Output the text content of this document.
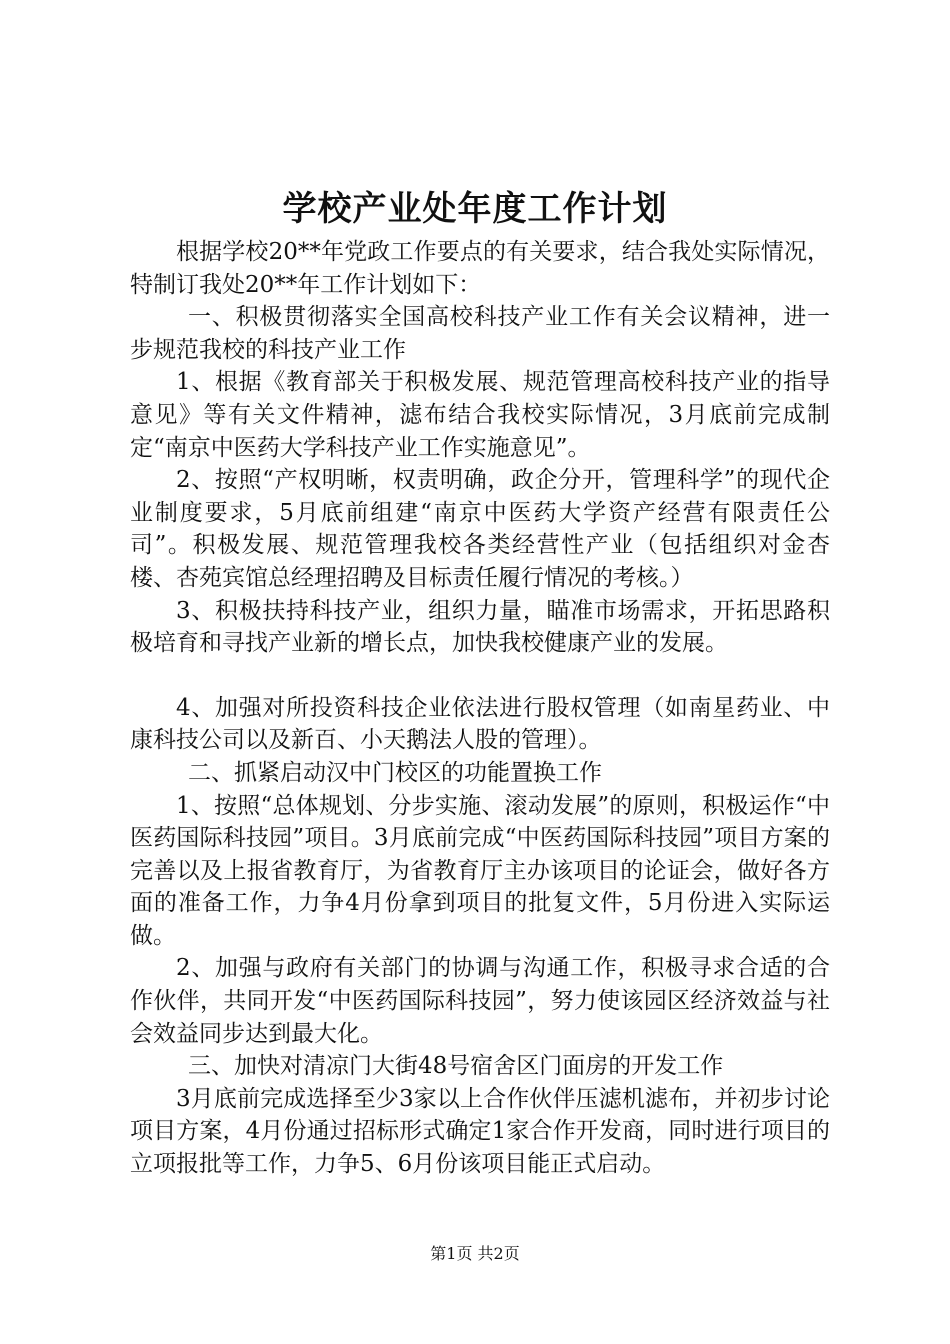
学校产业处年度工作计划

根据学校20**年党政工作要点的有关要求，结合我处实际情况，特制订我处20**年工作计划如下：

一、积极贯彻落实全国高校科技产业工作有关会议精神，进一步规范我校的科技产业工作

1、根据《教育部关于积极发展、规范管理高校科技产业的指导意见》等有关文件精神，滤布结合我校实际情况，3月底前完成制定“南京中医药大学科技产业工作实施意见”。

2、按照“产权明晰，权责明确，政企分开，管理科学”的现代企业制度要求，5月底前组建“南京中医药大学资产经营有限责任公司”。积极发展、规范管理我校各类经营性产业（包括组织对金杏楼、杏苑宾馆总经理招聘及目标责任履行情况的考核。）

3、积极扶持科技产业，组织力量，瞄准市场需求，开拓思路积极培育和寻找产业新的增长点，加快我校健康产业的发展。

4、加强对所投资科技企业依法进行股权管理（如南星药业、中康科技公司以及新百、小天鹅法人股的管理）。

二、抓紧启动汉中门校区的功能置换工作

1、按照“总体规划、分步实施、滚动发展”的原则，积极运作“中医药国际科技园”项目。3月底前完成“中医药国际科技园”项目方案的完善以及上报省教育厅，为省教育厅主办该项目的论证会，做好各方面的准备工作，力争4月份拿到项目的批复文件，5月份进入实际运做。

2、加强与政府有关部门的协调与沟通工作，积极寻求合适的合作伙伴，共同开发“中医药国际科技园”，努力使该园区经济效益与社会效益同步达到最大化。

三、加快对清凉门大街48号宿舍区门面房的开发工作

3月底前完成选择至少3家以上合作伙伴压滤机滤布，并初步讨论项目方案，4月份通过招标形式确定1家合作开发商，同时进行项目的立项报批等工作，力争5、6月份该项目能正式启动。

第1页 共2页
